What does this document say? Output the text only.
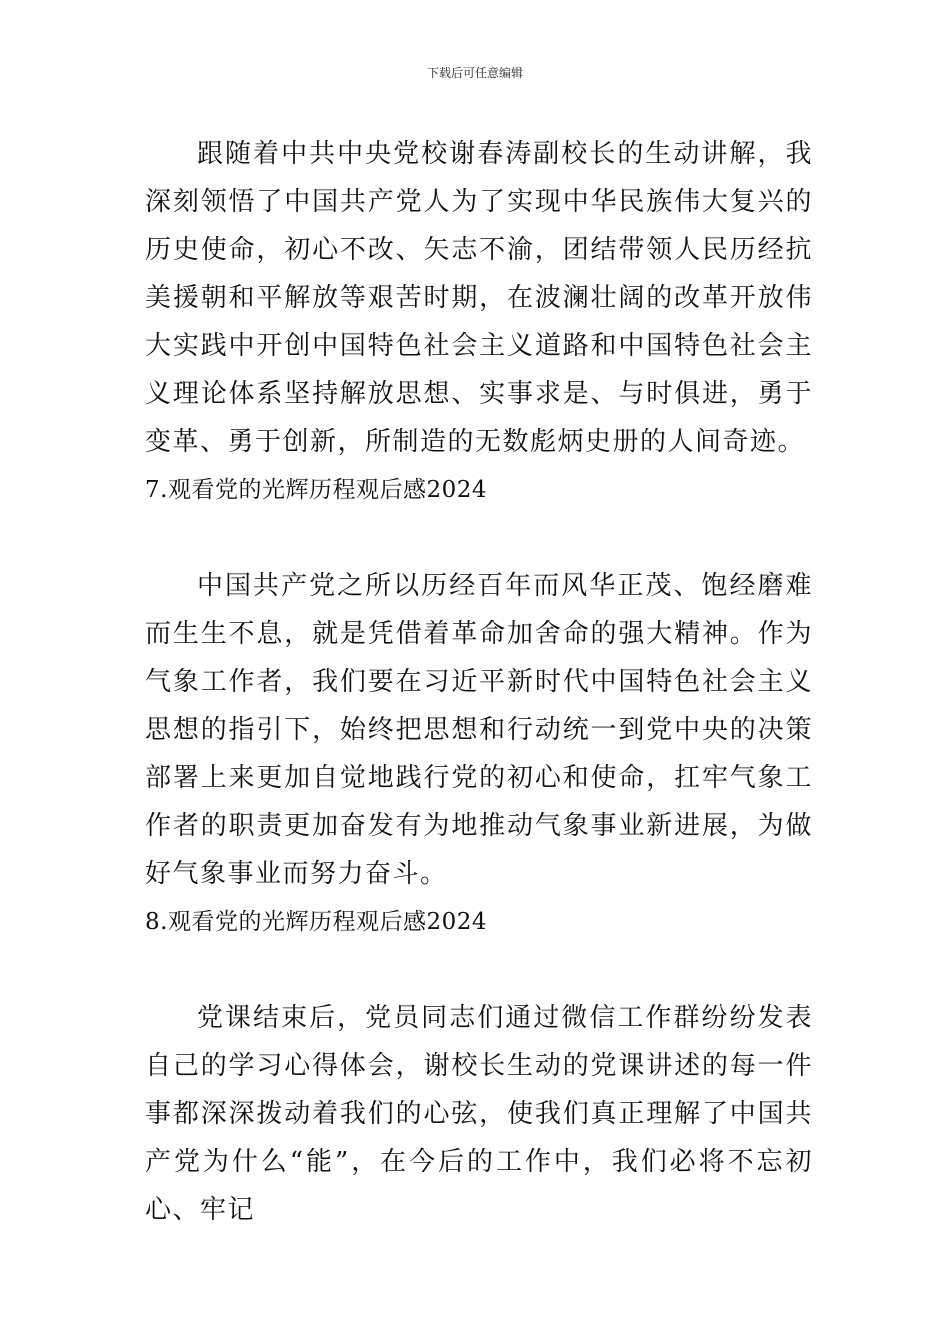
下载后可任意编辑

跟随着中共中央党校谢春涛副校长的生动讲解，我深刻领悟了中国共产党人为了实现中华民族伟大复兴的历史使命，初心不改、矢志不渝，团结带领人民历经抗美援朝和平解放等艰苦时期，在波澜壮阔的改革开放伟大实践中开创中国特色社会主义道路和中国特色社会主义理论体系坚持解放思想、实事求是、与时俱进，勇于变革、勇于创新，所制造的无数彪炳史册的人间奇迹。

7.观看党的光辉历程观后感2024

中国共产党之所以历经百年而风华正茂、饱经磨难而生生不息，就是凭借着革命加舍命的强大精神。作为气象工作者，我们要在习近平新时代中国特色社会主义思想的指引下，始终把思想和行动统一到党中央的决策部署上来更加自觉地践行党的初心和使命，扛牢气象工作者的职责更加奋发有为地推动气象事业新进展，为做好气象事业而努力奋斗。

8.观看党的光辉历程观后感2024

党课结束后，党员同志们通过微信工作群纷纷发表自己的学习心得体会，谢校长生动的党课讲述的每一件事都深深拨动着我们的心弦，使我们真正理解了中国共产党为什么“能”，在今后的工作中，我们必将不忘初心、牢记
